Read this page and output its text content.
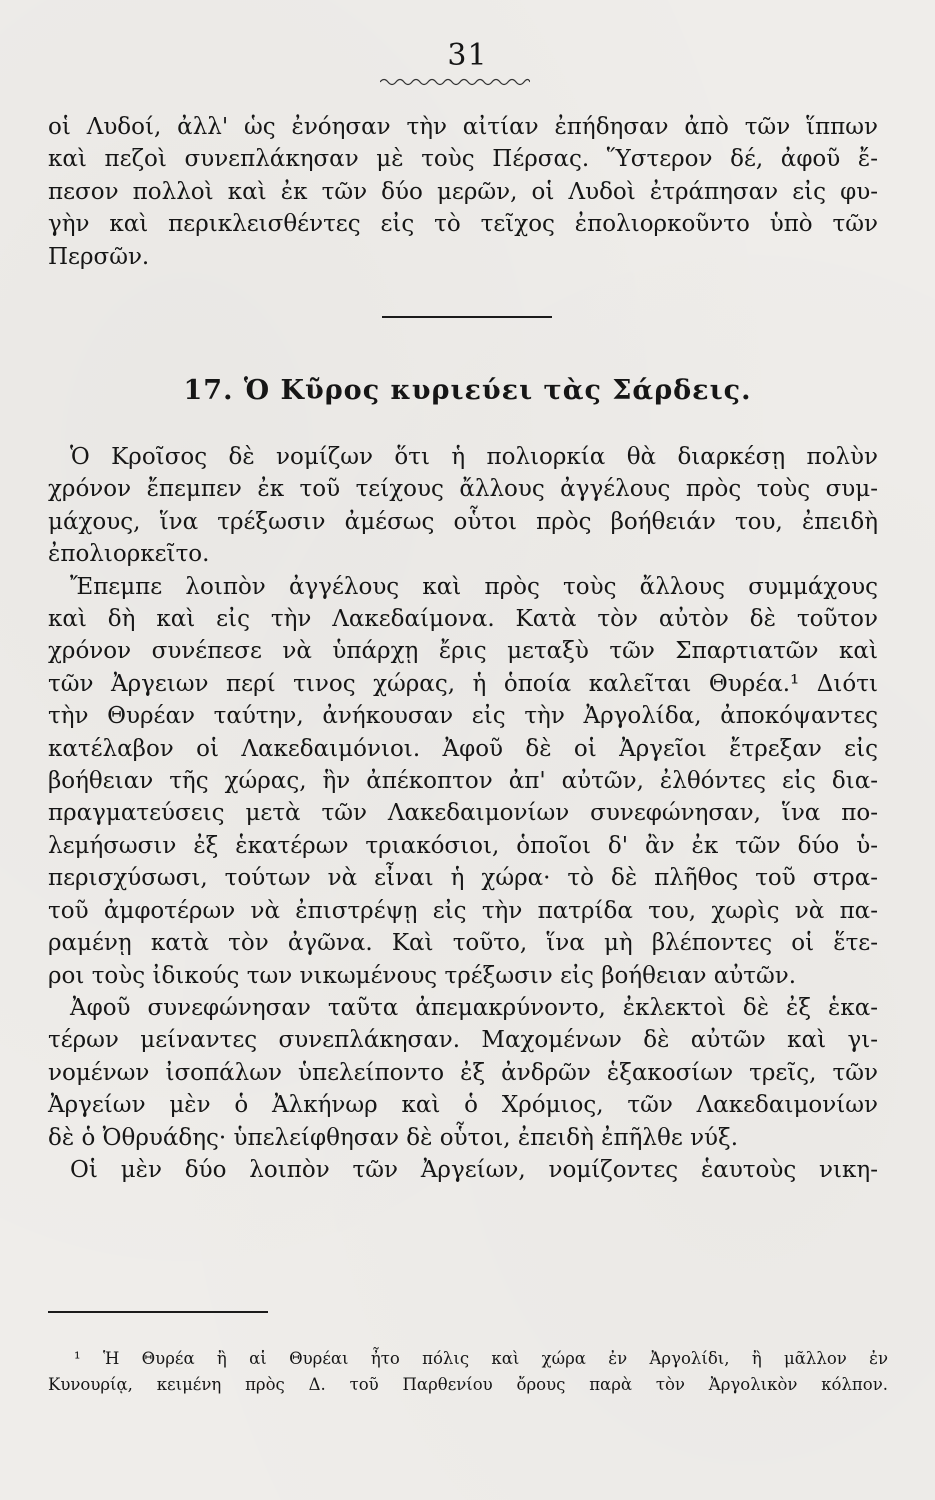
31
οἱ Λυδοί, ἀλλ' ὡς ἐνόησαν τὴν αἰτίαν ἐπήδησαν ἀπὸ τῶν ἵππων
καὶ πεζοὶ συνεπλάκησαν μὲ τοὺς Πέρσας. Ὕστερον δέ, ἀφοῦ ἔ-
πεσον πολλοὶ καὶ ἐκ τῶν δύο μερῶν, οἱ Λυδοὶ ἐτράπησαν εἰς φυ-
γὴν καὶ περικλεισθέντες εἰς τὸ τεῖχος ἐπολιορκοῦντο ὑπὸ τῶν
Περσῶν.
17. Ὁ Κῦρος κυριεύει τὰς Σάρδεις.
Ὁ Κροῖσος δὲ νομίζων ὅτι ἡ πολιορκία θὰ διαρκέσῃ πολὺν
χρόνον ἔπεμπεν ἐκ τοῦ τείχους ἄλλους ἀγγέλους πρὸς τοὺς συμ-
μάχους, ἵνα τρέξωσιν ἀμέσως οὗτοι πρὸς βοήθειάν του, ἐπειδὴ
ἐπολιορκεῖτο.
Ἔπεμπε λοιπὸν ἀγγέλους καὶ πρὸς τοὺς ἄλλους συμμάχους
καὶ δὴ καὶ εἰς τὴν Λακεδαίμονα. Κατὰ τὸν αὐτὸν δὲ τοῦτον
χρόνον συνέπεσε νὰ ὑπάρχῃ ἔρις μεταξὺ τῶν Σπαρτιατῶν καὶ
τῶν Ἀργειων περί τινος χώρας, ἡ ὁποία καλεῖται Θυρέα.¹ Διότι
τὴν Θυρέαν ταύτην, ἀνήκουσαν εἰς τὴν Ἀργολίδα, ἀποκόψαντες
κατέλαβον οἱ Λακεδαιμόνιοι. Ἀφοῦ δὲ οἱ Ἀργεῖοι ἔτρεξαν εἰς
βοήθειαν τῆς χώρας, ἣν ἀπέκοπτον ἀπ' αὐτῶν, ἐλθόντες εἰς δια-
πραγματεύσεις μετὰ τῶν Λακεδαιμονίων συνεφώνησαν, ἵνα πο-
λεμήσωσιν ἐξ ἑκατέρων τριακόσιοι, ὁποῖοι δ' ἂν ἐκ τῶν δύο ὑ-
περισχύσωσι, τούτων νὰ εἶναι ἡ χώρα· τὸ δὲ πλῆθος τοῦ στρα-
τοῦ ἀμφοτέρων νὰ ἐπιστρέψῃ εἰς τὴν πατρίδα του, χωρὶς νὰ πα-
ραμένῃ κατὰ τὸν ἀγῶνα. Καὶ τοῦτο, ἵνα μὴ βλέποντες οἱ ἕτε-
ροι τοὺς ἰδικούς των νικωμένους τρέξωσιν εἰς βοήθειαν αὐτῶν.
Ἀφοῦ συνεφώνησαν ταῦτα ἀπεμακρύνοντο, ἐκλεκτοὶ δὲ ἐξ ἑκα-
τέρων μείναντες συνεπλάκησαν. Μαχομένων δὲ αὐτῶν καὶ γι-
νομένων ἰσοπάλων ὑπελείποντο ἐξ ἀνδρῶν ἑξακοσίων τρεῖς, τῶν
Ἀργείων μὲν ὁ Ἀλκήνωρ καὶ ὁ Χρόμιος, τῶν Λακεδαιμονίων
δὲ ὁ Ὀθρυάδης· ὑπελείφθησαν δὲ οὗτοι, ἐπειδὴ ἐπῆλθε νύξ.
Οἱ μὲν δύο λοιπὸν τῶν Ἀργείων, νομίζοντες ἑαυτοὺς νικη-
¹ Ἡ Θυρέα ἢ αἱ Θυρέαι ἦτο πόλις καὶ χώρα ἐν Ἀργολίδι, ἢ μᾶλλον ἐν
Κυνουρίᾳ, κειμένη πρὸς Δ. τοῦ Παρθενίου ὄρους παρὰ τὸν Ἀργολικὸν κόλπον.
